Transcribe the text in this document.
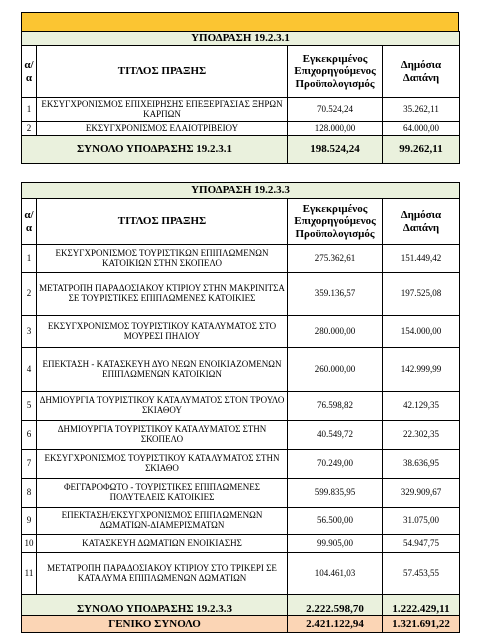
ΥΠΟΔΡΑΣΗ 19.2.3.1			
α/α	ΤΙΤΛΟΣ ΠΡΑΞΗΣ	Εγκεκριμένος Επιχορηγούμενος Προϋπολογισμός	Δημόσια Δαπάνη
1	ΕΚΣΥΓΧΡΟΝΙΣΜΟΣ ΕΠΙΧΕΙΡΗΣΗΣ ΕΠΕΞΕΡΓΑΣΙΑΣ ΞΗΡΩΝ ΚΑΡΠΩΝ	70.524,24	35.262,11
2	ΕΚΣΥΓΧΡΟΝΙΣΜΟΣ ΕΛΑΙΟΤΡΙΒΕΙΟΥ	128.000,00	64.000,00
ΣΥΝΟΛΟ ΥΠΟΔΡΑΣΗΣ 19.2.3.1		198.524,24	99.262,11
ΥΠΟΔΡΑΣΗ 19.2.3.3			
α/α	ΤΙΤΛΟΣ ΠΡΑΞΗΣ	Εγκεκριμένος Επιχορηγούμενος Προϋπολογισμός	Δημόσια Δαπάνη
1	ΕΚΣΥΓΧΡΟΝΙΣΜΟΣ ΤΟΥΡΙΣΤΙΚΩΝ ΕΠΙΠΛΩΜΕΝΩΝ ΚΑΤΟΙΚΙΩΝ ΣΤΗΝ ΣΚΟΠΕΛΟ	275.362,61	151.449,42
2	ΜΕΤΑΤΡΟΠΗ ΠΑΡΑΔΟΣΙΑΚΟΥ ΚΤΙΡΙΟΥ ΣΤΗΝ ΜΑΚΡΙΝΙΤΣΑ ΣΕ ΤΟΥΡΙΣΤΙΚΕΣ ΕΠΙΠΛΩΜΕΝΕΣ ΚΑΤΟΙΚΙΕΣ	359.136,57	197.525,08
3	ΕΚΣΥΓΧΡΟΝΙΣΜΟΣ ΤΟΥΡΙΣΤΙΚΟΥ ΚΑΤΑΛΥΜΑΤΟΣ ΣΤΟ ΜΟΥΡΕΣΙ ΠΗΛΙΟΥ	280.000,00	154.000,00
4	ΕΠΕΚΤΑΣΗ - ΚΑΤΑΣΚΕΥΗ ΔΥΟ ΝΕΩΝ ΕΝΟΙΚΙΑΖΟΜΕΝΩΝ ΕΠΙΠΛΩΜΕΝΩΝ ΚΑΤΟΙΚΙΩΝ	260.000,00	142.999,99
5	ΔΗΜΙΟΥΡΓΙΑ ΤΟΥΡΙΣΤΙΚΟΥ ΚΑΤΑΛΥΜΑΤΟΣ ΣΤΟΝ ΤΡΟΥΛΟ ΣΚΙΑΘΟΥ	76.598,82	42.129,35
6	ΔΗΜΙΟΥΡΓΙΑ ΤΟΥΡΙΣΤΙΚΟΥ ΚΑΤΑΛΥΜΑΤΟΣ ΣΤΗΝ ΣΚΟΠΕΛΟ	40.549,72	22.302,35
7	ΕΚΣΥΓΧΡΟΝΙΣΜΟΣ ΤΟΥΡΙΣΤΙΚΟΥ ΚΑΤΑΛΥΜΑΤΟΣ ΣΤΗΝ ΣΚΙΑΘΟ	70.249,00	38.636,95
8	ΦΕΓΓΑΡΟΦΩΤΟ - ΤΟΥΡΙΣΤΙΚΕΣ ΕΠΙΠΛΩΜΕΝΕΣ ΠΟΛΥΤΕΛΕΙΣ ΚΑΤΟΙΚΙΕΣ	599.835,95	329.909,67
9	ΕΠΕΚΤΑΣΗ/ΕΚΣΥΓΧΡΟΝΙΣΜΟΣ ΕΠΙΠΛΩΜΕΝΩΝ ΔΩΜΑΤΙΩΝ-ΔΙΑΜΕΡΙΣΜΑΤΩΝ	56.500,00	31.075,00
10	ΚΑΤΑΣΚΕΥΗ ΔΩΜΑΤΙΩΝ ΕΝΟΙΚΙΑΣΗΣ	99.905,00	54.947,75
11	ΜΕΤΑΤΡΟΠΗ ΠΑΡΑΔΟΣΙΑΚΟΥ ΚΤΙΡΙΟΥ ΣΤΟ ΤΡΙΚΕΡΙ ΣΕ ΚΑΤΑΛΥΜΑ ΕΠΙΠΛΩΜΕΝΩΝ ΔΩΜΑΤΙΩΝ	104.461,03	57.453,55
ΣΥΝΟΛΟ ΥΠΟΔΡΑΣΗΣ 19.2.3.3		2.222.598,70	1.222.429,11
ΓΕΝΙΚΟ ΣΥΝΟΛΟ	2.421.122,94	1.321.691,22
